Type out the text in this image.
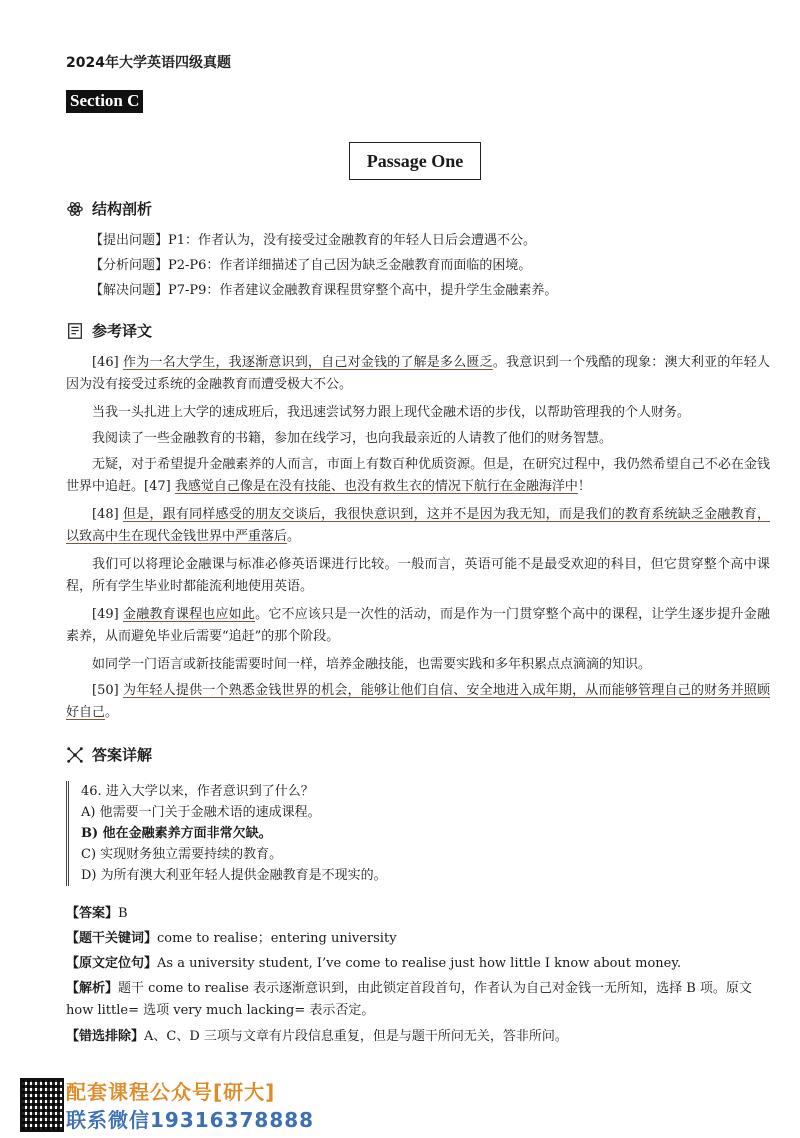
2024年大学英语四级真题
Section C
Passage One
结构剖析
【提出问题】P1：作者认为，没有接受过金融教育的年轻人日后会遭遇不公。
【分析问题】P2-P6：作者详细描述了自己因为缺乏金融教育而面临的困境。
【解决问题】P7-P9：作者建议金融教育课程贯穿整个高中，提升学生金融素养。
参考译文
[46] 作为一名大学生，我逐渐意识到，自己对金钱的了解是多么匮乏。我意识到一个残酷的现象：澳大利亚的年轻人因为没有接受过系统的金融教育而遭受极大不公。
当我一头扎进上大学的速成班后，我迅速尝试努力跟上现代金融术语的步伐，以帮助管理我的个人财务。
我阅读了一些金融教育的书籍，参加在线学习，也向我最亲近的人请教了他们的财务智慧。
无疑，对于希望提升金融素养的人而言，市面上有数百种优质资源。但是，在研究过程中，我仍然希望自己不必在金钱世界中追赶。[47] 我感觉自己像是在没有技能、也没有救生衣的情况下航行在金融海洋中！
[48] 但是，跟有同样感受的朋友交谈后，我很快意识到，这并不是因为我无知，而是我们的教育系统缺乏金融教育，以致高中生在现代金钱世界中严重落后。
我们可以将理论金融课与标准必修英语课进行比较。一般而言，英语可能不是最受欢迎的科目，但它贯穿整个高中课程，所有学生毕业时都能流利地使用英语。
[49] 金融教育课程也应如此。它不应该只是一次性的活动，而是作为一门贯穿整个高中的课程，让学生逐步提升金融素养，从而避免毕业后需要“追赶”的那个阶段。
如同学一门语言或新技能需要时间一样，培养金融技能，也需要实践和多年积累点点滴滴的知识。
[50] 为年轻人提供一个熟悉金钱世界的机会，能够让他们自信、安全地进入成年期，从而能够管理自己的财务并照顾好自己。
答案详解
46. 进入大学以来，作者意识到了什么？
A) 他需要一门关于金融术语的速成课程。
B) 他在金融素养方面非常欠缺。
C) 实现财务独立需要持续的教育。
D) 为所有澳大利亚年轻人提供金融教育是不现实的。
【答案】B
【题干关键词】come to realise；entering university
【原文定位句】As a university student, I’ve come to realise just how little I know about money.
【解析】题干 come to realise 表示逐渐意识到，由此锁定首段首句，作者认为自己对金钱一无所知，选择 B 项。原文 how little= 选项 very much lacking= 表示否定。
【错选排除】A、C、D 三项与文章有片段信息重复，但是与题干所问无关，答非所问。
配套课程公众号[研大]
联系微信19316378888
